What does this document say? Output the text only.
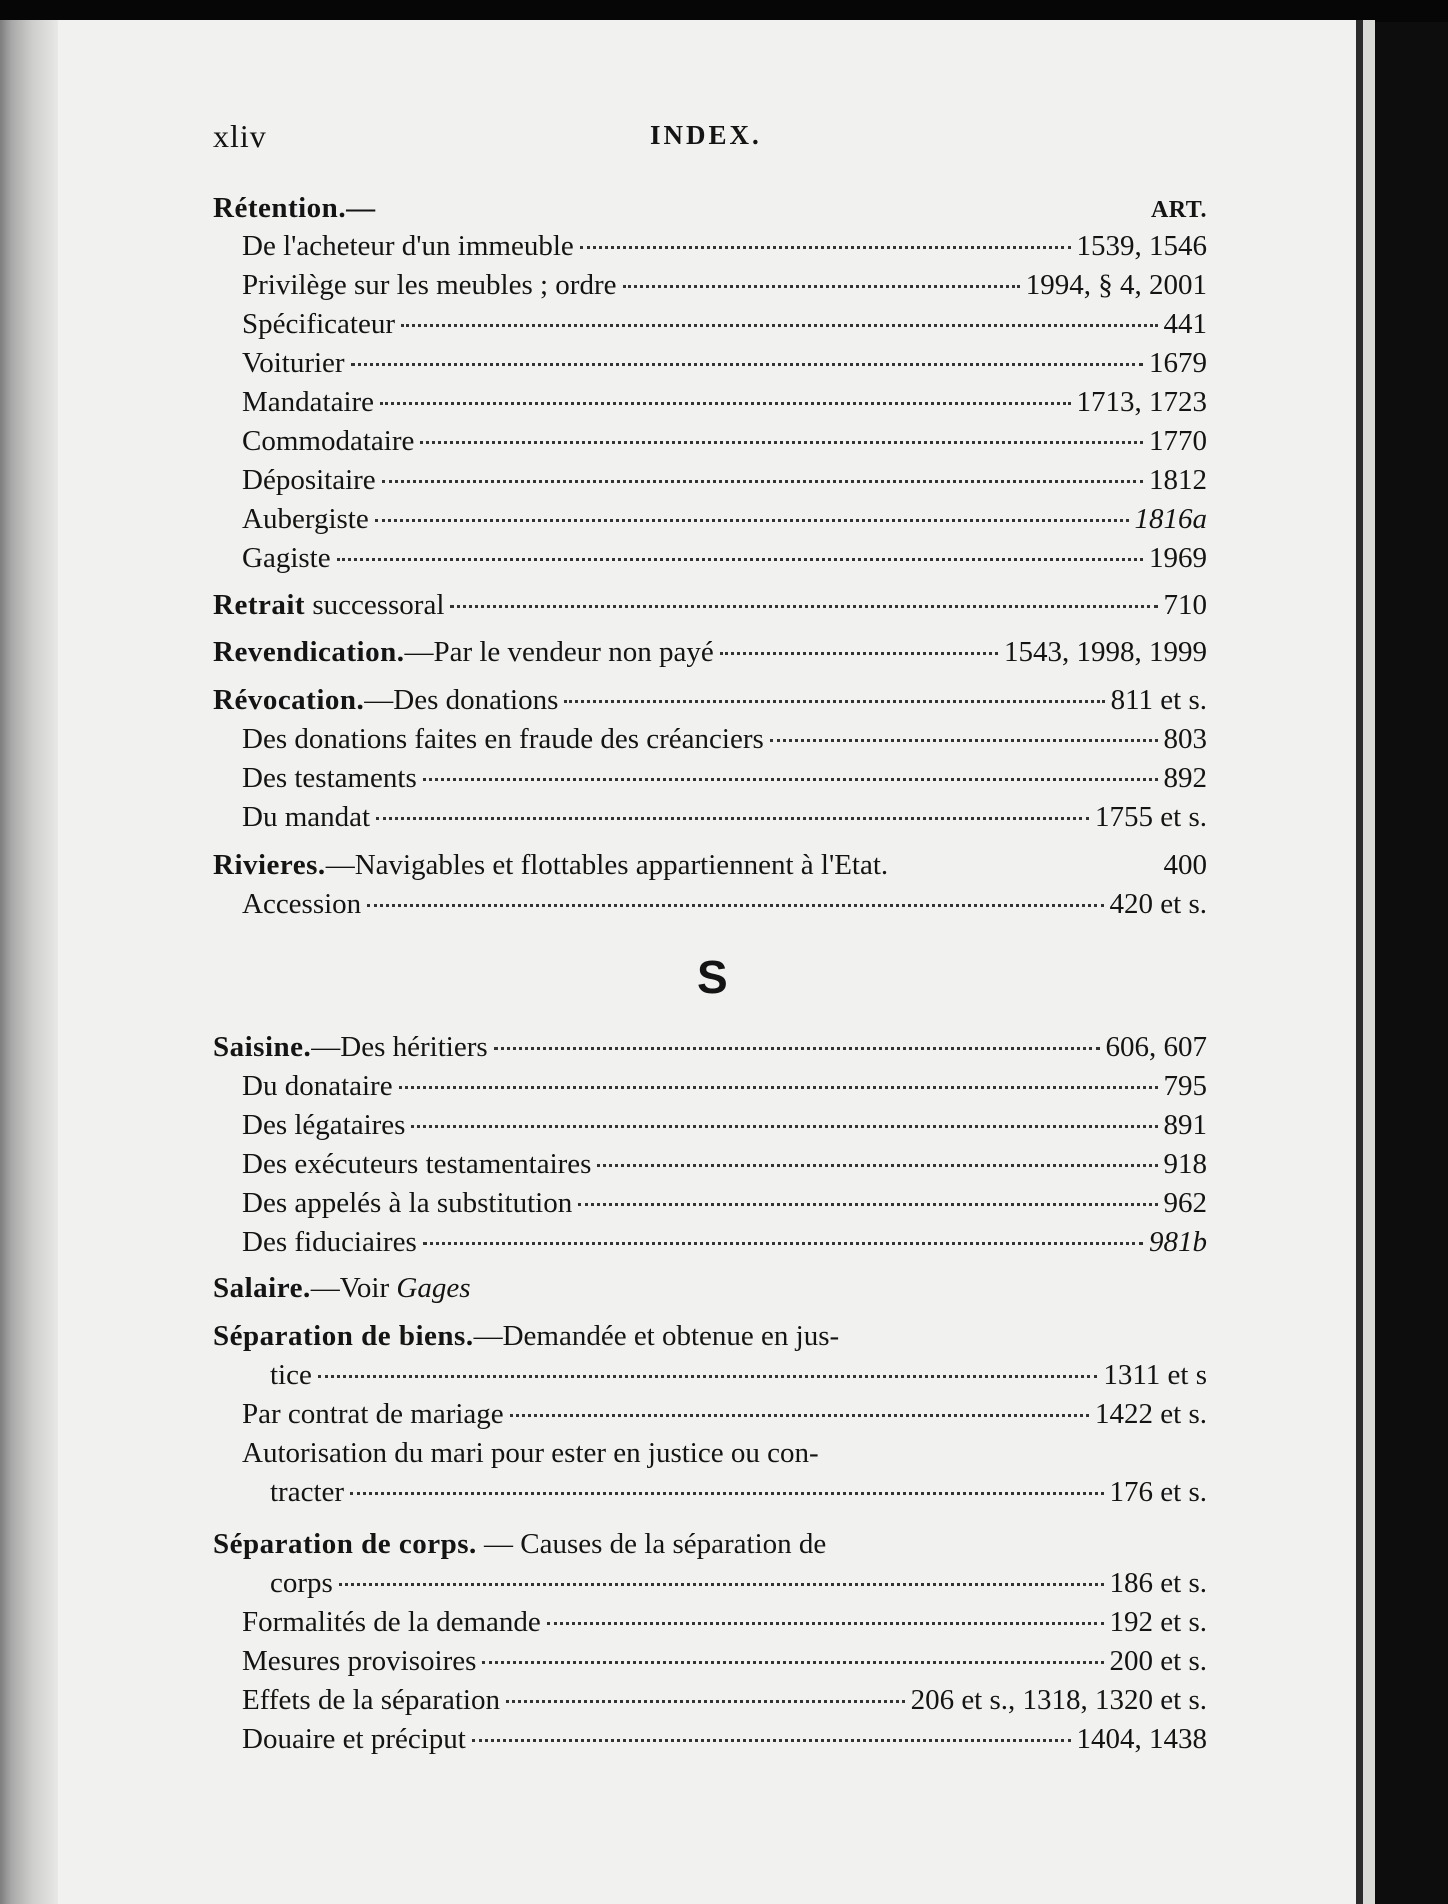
xliv	INDEX.
Rétention.—	ART.
De l'acheteur d'un immeuble	1539, 1546
Privilège sur les meubles ; ordre	1994, § 4, 2001
Spécificateur	441
Voiturier	1679
Mandataire	1713, 1723
Commodataire	1770
Dépositaire	1812
Aubergiste	1816a
Gagiste	1969
Retrait successoral	710
Revendication. —Par le vendeur non payé	1543, 1998, 1999
Révocation. —Des donations	811 et s.
Des donations faites en fraude des créanciers	803
Des testaments	892
Du mandat	1755 et s.
Rivieres. —Navigables et flottables appartiennent à l'Etat.	400
Accession	420 et s.
S
Saisine. —Des héritiers	606, 607
Du donataire	795
Des légataires	891
Des exécuteurs testamentaires	918
Des appelés à la substitution	962
Des fiduciaires	981b
Salaire. —Voir Gages
Séparation de biens. —Demandée et obtenue en jus-
tice	1311 et s
Par contrat de mariage	1422 et s.
Autorisation du mari pour ester en justice ou con-
tracter	176 et s.
Séparation de corps. — Causes de la séparation de
corps	186 et s.
Formalités de la demande	192 et s.
Mesures provisoires	200 et s.
Effets de la séparation	206 et s., 1318, 1320 et s.
Douaire et préciput	1404, 1438
